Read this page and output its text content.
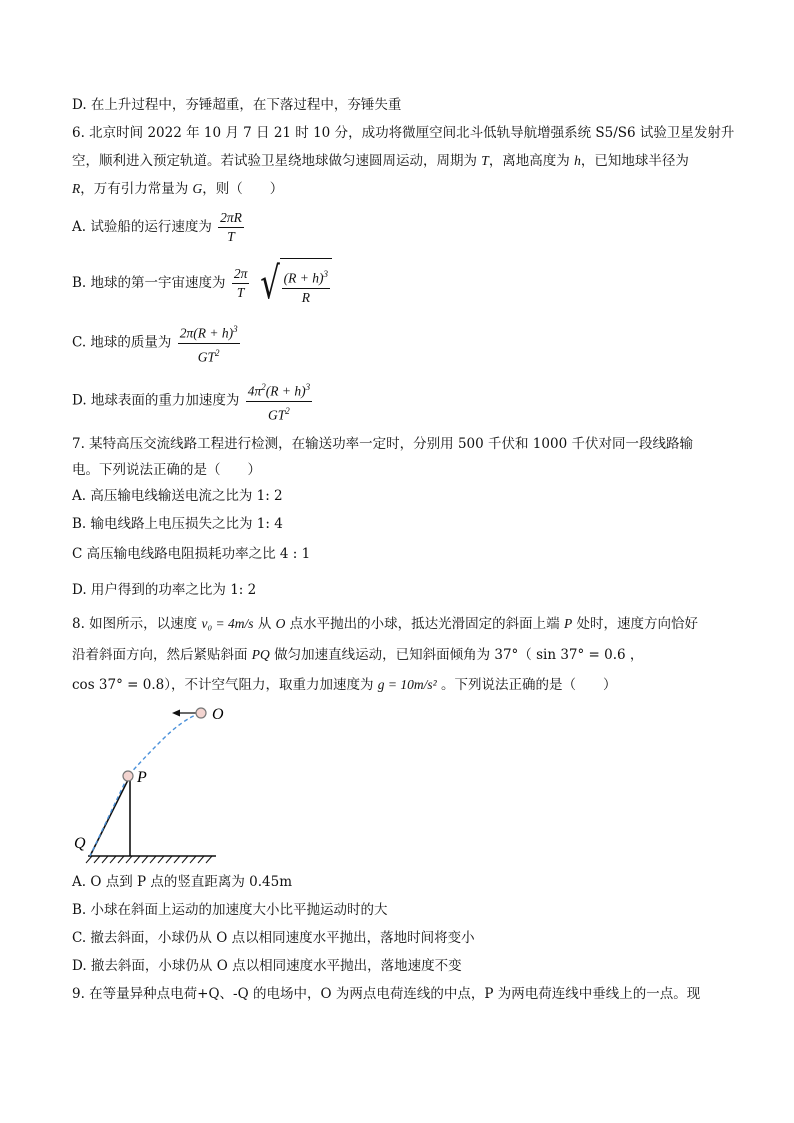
D. 在上升过程中，夯锤超重，在下落过程中，夯锤失重
6. 北京时间 2022 年 10 月 7 日 21 时 10 分，成功将微厘空间北斗低轨导航增强系统 S5/S6 试验卫星发射升
空，顺利进入预定轨道。若试验卫星绕地球做匀速圆周运动，周期为 T，离地高度为 h，已知地球半径为
R，万有引力常量为 G，则（　　）
A. 试验船的运行速度为 $\frac{2\pi R}{T}$
B. 地球的第一宇宙速度为 $\frac{2\pi}{T}$
√ $\frac{(R + h)^3}{R}$
C. 地球的质量为 $\frac{2\pi(R + h)^3}{GT^2}$
D. 地球表面的重力加速度为 $\frac{4\pi^2(R + h)^3}{GT^2}$
7. 某特高压交流线路工程进行检测，在输送功率一定时，分别用 500 千伏和 1000 千伏对同一段线路输
电。下列说法正确的是（　　）
A. 高压输电线输送电流之比为 1: 2
B. 输电线路上电压损失之比为 1: 4
C 高压输电线路电阻损耗功率之比 4 : 1
D. 用户得到的功率之比为 1: 2
8. 如图所示，以速度 v₀ = 4m/s 从 O 点水平抛出的小球，抵达光滑固定的斜面上端 P 处时，速度方向恰好
沿着斜面方向，然后紧贴斜面 PQ 做匀加速直线运动，已知斜面倾角为 37°（ sin 37° = 0.6 ，
cos 37° = 0.8），不计空气阻力，取重力加速度为 g = 10m/s² 。下列说法正确的是（　　）
O
P
Q
A. O 点到 P 点的竖直距离为 0.45m
B. 小球在斜面上运动的加速度大小比平抛运动时的大
C. 撤去斜面，小球仍从 O 点以相同速度水平抛出，落地时间将变小
D. 撤去斜面，小球仍从 O 点以相同速度水平抛出，落地速度不变
9. 在等量异种点电荷+Q、-Q 的电场中，O 为两点电荷连线的中点，P 为两电荷连线中垂线上的一点。现
